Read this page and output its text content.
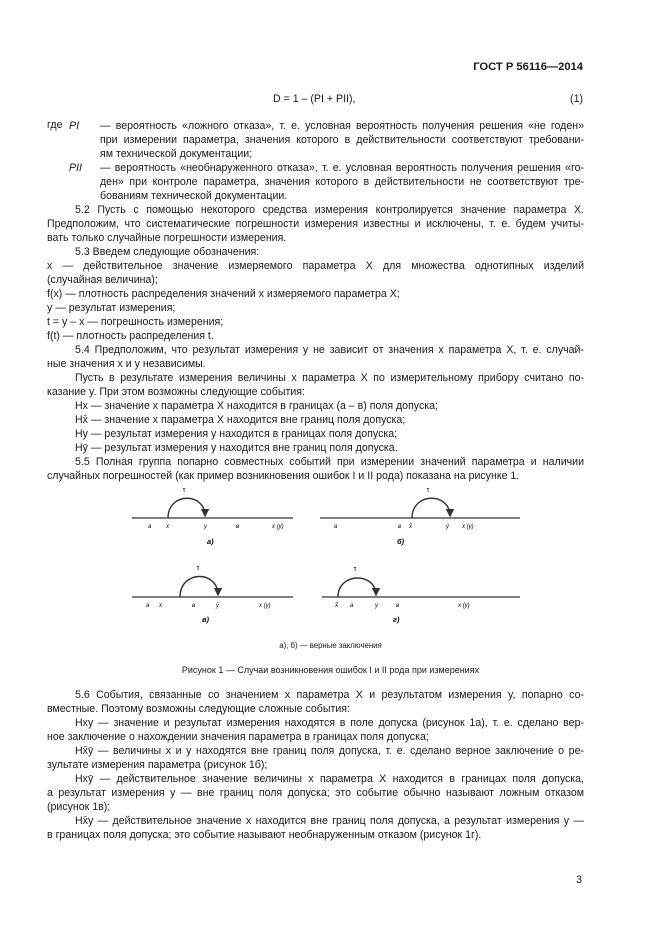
ГОСТ Р 56116—2014
D = 1 – (PI + PII),	(1)
где PI — вероятность «ложного отказа», т. е. условная вероятность получения решения «не годен»
при измерении параметра, значения которого в действительности соответствуют требовани-
ям технической документации;
PII — вероятность «необнаруженного отказа», т. е. условная вероятность получения решения «го-
ден» при контроле параметра, значения которого в действительности не соответствуют тре-
бованиям технической документации.
5.2 Пусть с помощью некоторого средства измерения контролируется значение параметра X.
Предположим, что систематические погрешности измерения известны и исключены, т. е. будем учиты-
вать только случайные погрешности измерения.
5.3 Введем следующие обозначения:
x — действительное значение измеряемого параметра X для множества однотипных изделий
(случайная величина);
f(x) — плотность распределения значений x измеряемого параметра X;
y — результат измерения;
t = y – x — погрешность измерения;
f(t) — плотность распределения t.
5.4 Предположим, что результат измерения y не зависит от значения x параметра X, т. е. случай-
ные значения x и y независимы.
Пусть в результате измерения величины x параметра X по измерительному прибору считано по-
казание y. При этом возможны следующие события:
Hx — значение x параметра X находится в границах (a – в) поля допуска;
Hx̄ — значение x параметра X находится вне границ поля допуска;
Hy — результат измерения y находится в границах поля допуска;
Hȳ — результат измерения y находится вне границ поля допуска.
5.5 Полная группа попарно совместных событий при измерении значений параметра и наличии
случайных погрешностей (как пример возникновения ошибок I и II рода) показана на рисунке 1.
τ
a x	y	в	x (y)
а)
τ
a	в x̄	ȳ x (y)
б)
τ
a x	в	ȳ	x (y)
в)
τ
x̄ a	y	в	x (y)
г)
а), б) — верные заключения
Рисунок 1 — Случаи возникновения ошибок I и II рода при измерениях
5.6 События, связанные со значением x параметра X и результатом измерения y, попарно со-
вместные. Поэтому возможны следующие сложные события:
Hxy — значение и результат измерения находятся в поле допуска (рисунок 1а), т. е. сделано вер-
ное заключение о нахождении значения параметра в границах поля допуска;
Hx̄ȳ — величины x и y находятся вне границ поля допуска, т. е. сделано верное заключение о ре-
зультате измерения параметра (рисунок 1б);
Hxȳ — действительное значение величины x параметра X находится в границах поля допуска,
а результат измерения y — вне границ поля допуска; это событие обычно называют ложным отказом
(рисунок 1в);
Hx̄y — действительное значение x находится вне границ поля допуска, а результат измерения y —
в границах поля допуска; это событие называют необнаруженным отказом (рисунок 1г).
3
